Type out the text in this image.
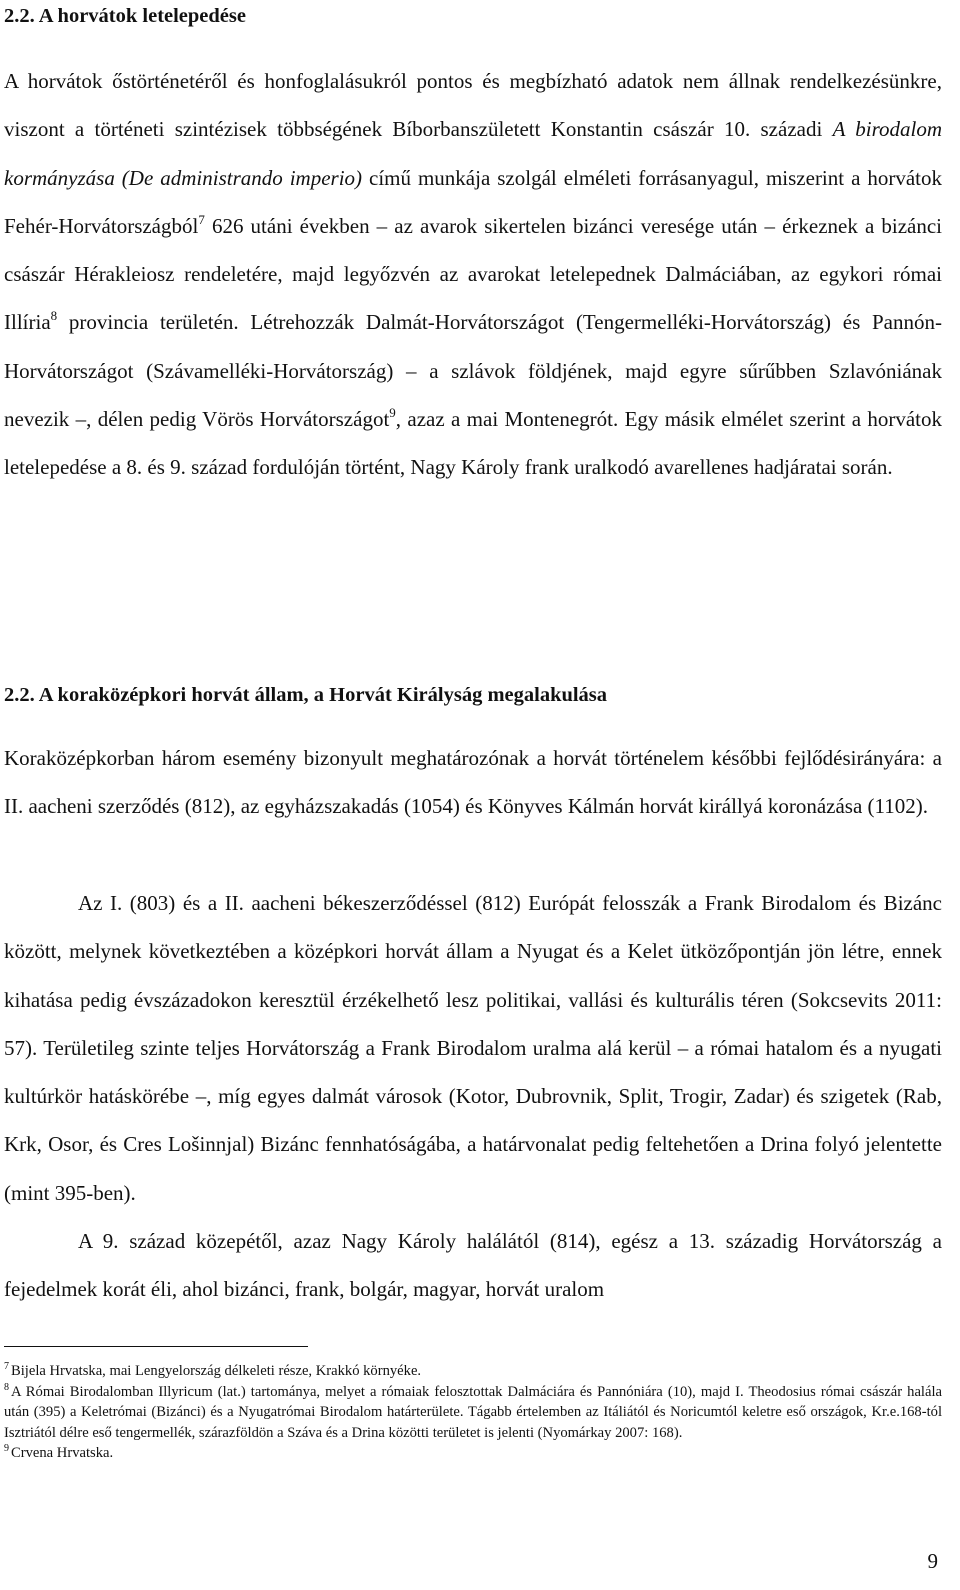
2.2. A horvátok letelepedése

A horvátok őstörténetéről és honfoglalásukról pontos és megbízható adatok nem állnak rendelkezésünkre, viszont a történeti szintézisek többségének Bíborbanszületett Konstantin császár 10. századi A birodalom kormányzása (De administrando imperio) című munkája szolgál elméleti forrásanyagul, miszerint a horvátok Fehér-Horvátországból$^7$ 626 utáni években – az avarok sikertelen bizánci veresége után – érkeznek a bizánci császár Hérakleiosz rendeletére, majd legyőzvén az avarokat letelepednek Dalmáciában, az egykori római Illíria$^8$ provincia területén. Létrehozzák Dalmát-Horvátországot (Tengermelléki-Horvátország) és Pannón-Horvátországot (Szávamelléki-Horvátország) – a szlávok földjének, majd egyre sűrűbben Szlavóniának nevezik –, délen pedig Vörös Horvátországot$^9$, azaz a mai Montenegrót. Egy másik elmélet szerint a horvátok letelepedése a 8. és 9. század fordulóján történt, Nagy Károly frank uralkodó avarellenes hadjáratai során.

2.2. A koraközépkori horvát állam, a Horvát Királyság megalakulása

Koraközépkorban három esemény bizonyult meghatározónak a horvát történelem későbbi fejlődésirányára: a II. aacheni szerződés (812), az egyházszakadás (1054) és Könyves Kálmán horvát királlyá koronázása (1102).

Az I. (803) és a II. aacheni békeszerződéssel (812) Európát felosszák a Frank Birodalom és Bizánc között, melynek következtében a középkori horvát állam a Nyugat és a Kelet ütközőpontján jön létre, ennek kihatása pedig évszázadokon keresztül érzékelhető lesz politikai, vallási és kulturális téren (Sokcsevits 2011: 57). Területileg szinte teljes Horvátország a Frank Birodalom uralma alá kerül – a római hatalom és a nyugati kultúrkör hatáskörébe –, míg egyes dalmát városok (Kotor, Dubrovnik, Split, Trogir, Zadar) és szigetek (Rab, Krk, Osor, és Cres Lošinnjal) Bizánc fennhatóságába, a határvonalat pedig feltehetően a Drina folyó jelentette (mint 395-ben).

A 9. század közepétől, azaz Nagy Károly halálától (814), egész a 13. századig Horvátország a fejedelmek korát éli, ahol bizánci, frank, bolgár, magyar, horvát uralom

$^7$ Bijela Hrvatska, mai Lengyelország délkeleti része, Krakkó környéke.

$^8$ A Római Birodalomban Illyricum (lat.) tartománya, melyet a rómaiak felosztottak Dalmáciára és Pannóniára (10), majd I. Theodosius római császár halála után (395) a Keletrómai (Bizánci) és a Nyugatrómai Birodalom határterülete. Tágabb értelemben az Itáliától és Noricumtól keletre eső országok, Kr.e.168-tól Isztriától délre eső tengermellék, szárazföldön a Száva és a Drina közötti területet is jelenti (Nyomárkay 2007: 168).

$^9$ Crvena Hrvatska.

9
